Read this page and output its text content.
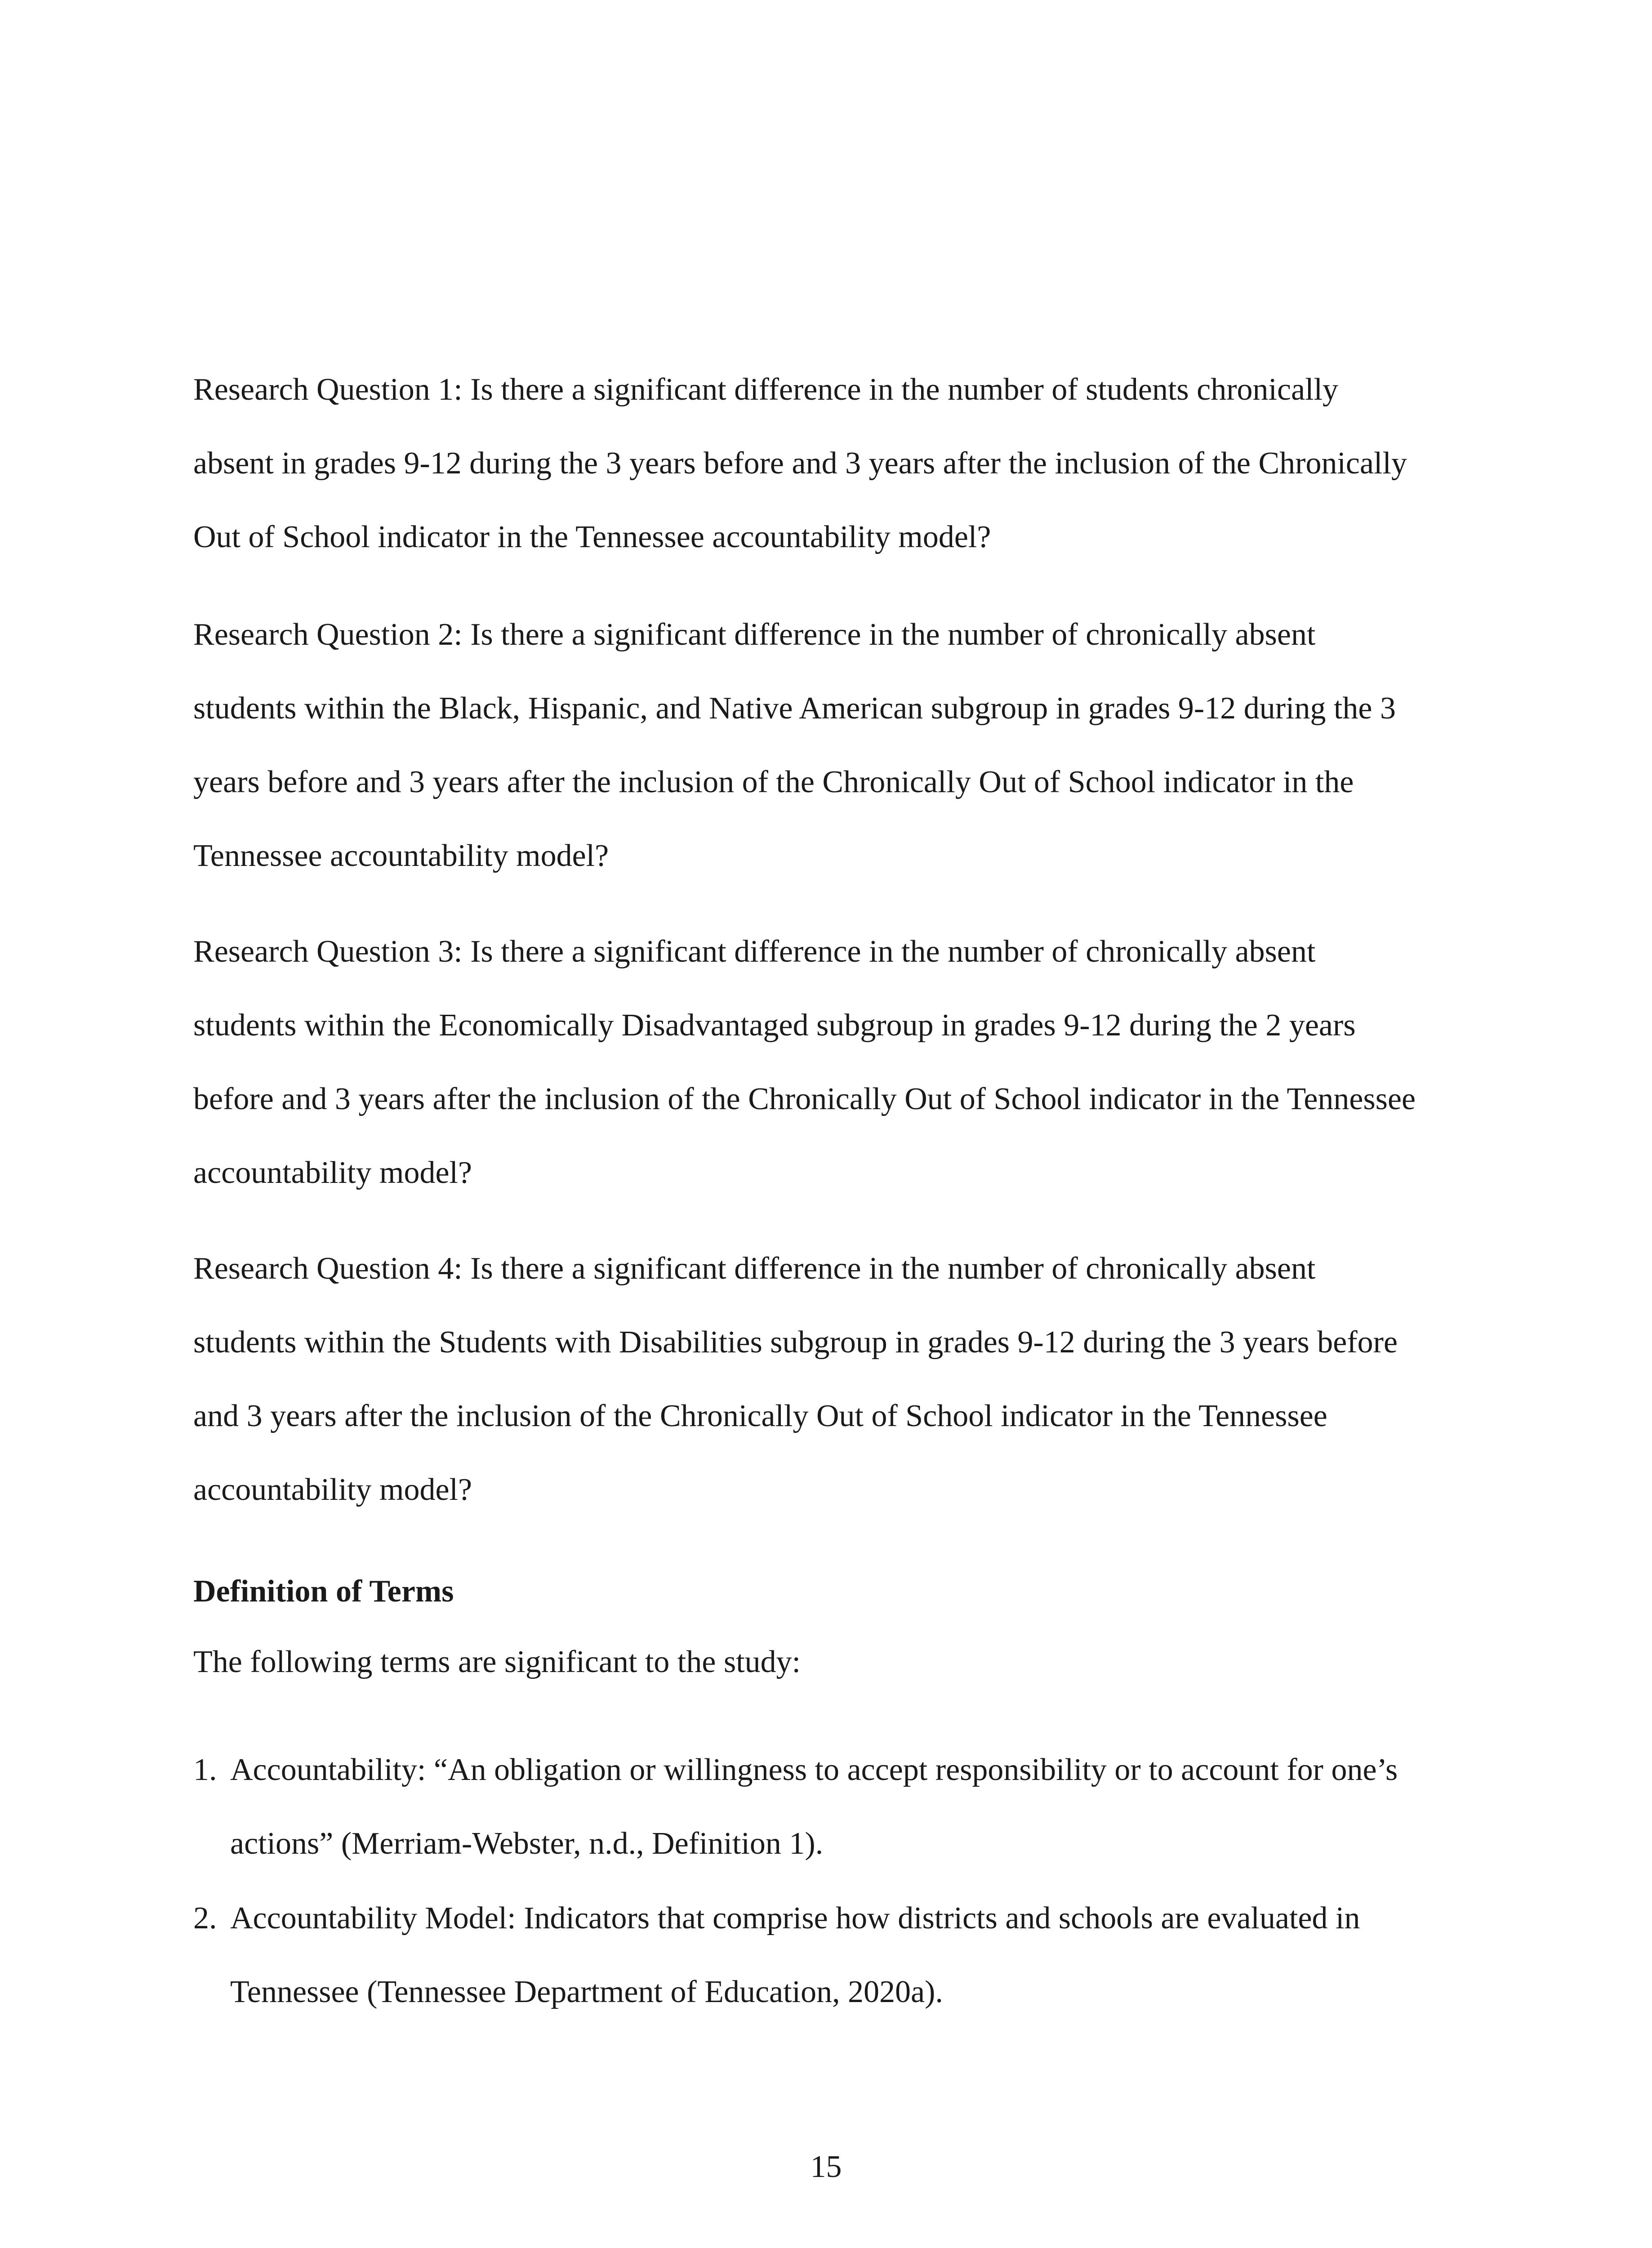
Research Question 1: Is there a significant difference in the number of students chronically
absent in grades 9-12 during the 3 years before and 3 years after the inclusion of the Chronically
Out of School indicator in the Tennessee accountability model?

Research Question 2: Is there a significant difference in the number of chronically absent
students within the Black, Hispanic, and Native American subgroup in grades 9-12 during the 3
years before and 3 years after the inclusion of the Chronically Out of School indicator in the
Tennessee accountability model?

Research Question 3: Is there a significant difference in the number of chronically absent
students within the Economically Disadvantaged subgroup in grades 9-12 during the 2 years
before and 3 years after the inclusion of the Chronically Out of School indicator in the Tennessee
accountability model?

Research Question 4: Is there a significant difference in the number of chronically absent
students within the Students with Disabilities subgroup in grades 9-12 during the 3 years before
and 3 years after the inclusion of the Chronically Out of School indicator in the Tennessee
accountability model?

Definition of Terms

The following terms are significant to the study:

1. Accountability: “An obligation or willingness to accept responsibility or to account for one’s
actions” (Merriam-Webster, n.d., Definition 1).
2. Accountability Model: Indicators that comprise how districts and schools are evaluated in
Tennessee (Tennessee Department of Education, 2020a).
15
